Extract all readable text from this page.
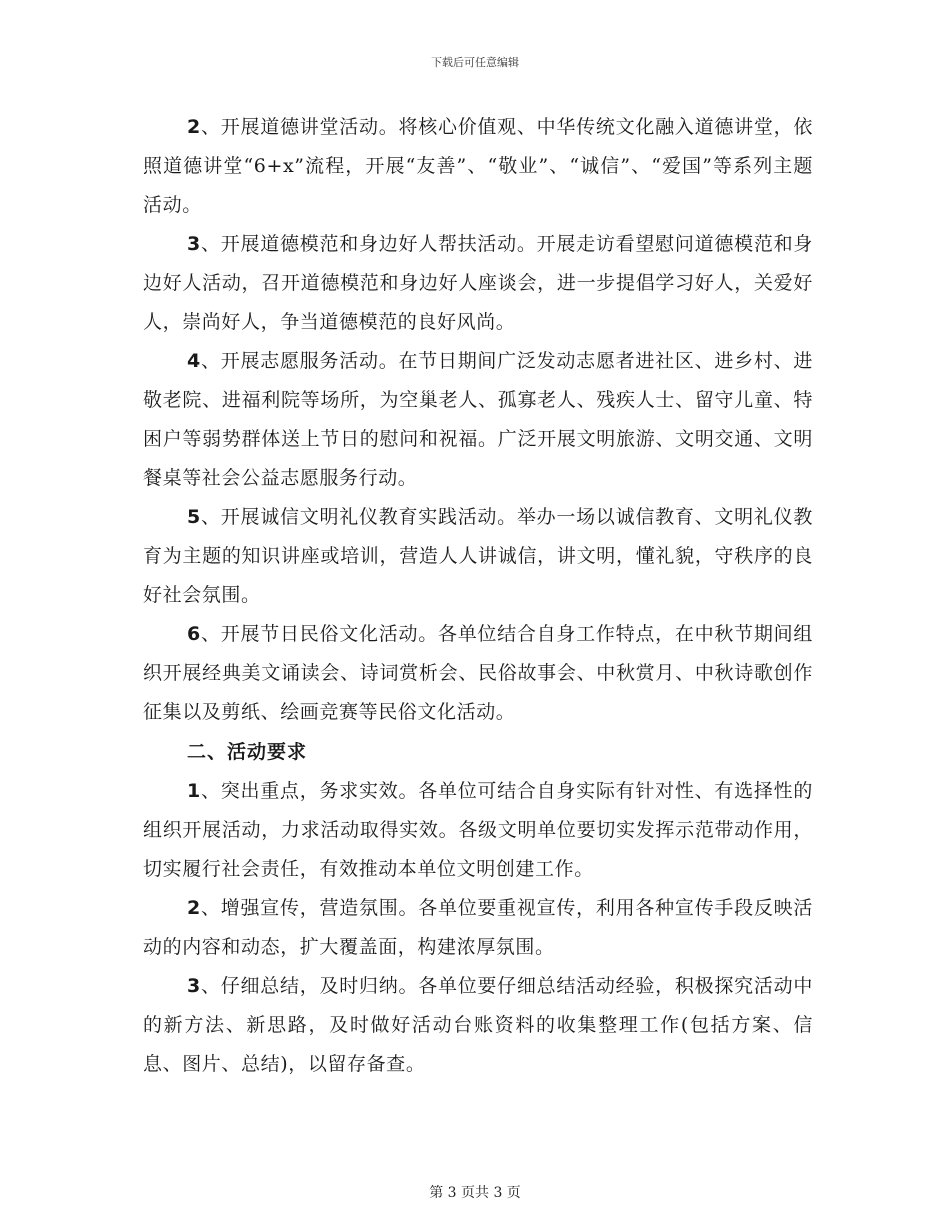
下载后可任意编辑

2、开展道德讲堂活动。将核心价值观、中华传统文化融入道德讲堂，依照道德讲堂“6+x”流程，开展“友善”、“敬业”、“诚信”、“爱国”等系列主题活动。

3、开展道德模范和身边好人帮扶活动。开展走访看望慰问道德模范和身边好人活动，召开道德模范和身边好人座谈会，进一步提倡学习好人，关爱好人，崇尚好人，争当道德模范的良好风尚。

4、开展志愿服务活动。在节日期间广泛发动志愿者进社区、进乡村、进敬老院、进福利院等场所，为空巢老人、孤寡老人、残疾人士、留守儿童、特困户等弱势群体送上节日的慰问和祝福。广泛开展文明旅游、文明交通、文明餐桌等社会公益志愿服务行动。

5、开展诚信文明礼仪教育实践活动。举办一场以诚信教育、文明礼仪教育为主题的知识讲座或培训，营造人人讲诚信，讲文明，懂礼貌，守秩序的良好社会氛围。

6、开展节日民俗文化活动。各单位结合自身工作特点，在中秋节期间组织开展经典美文诵读会、诗词赏析会、民俗故事会、中秋赏月、中秋诗歌创作征集以及剪纸、绘画竞赛等民俗文化活动。

二、活动要求

1、突出重点，务求实效。各单位可结合自身实际有针对性、有选择性的组织开展活动，力求活动取得实效。各级文明单位要切实发挥示范带动作用，切实履行社会责任，有效推动本单位文明创建工作。

2、增强宣传，营造氛围。各单位要重视宣传，利用各种宣传手段反映活动的内容和动态，扩大覆盖面，构建浓厚氛围。

3、仔细总结，及时归纳。各单位要仔细总结活动经验，积极探究活动中的新方法、新思路，及时做好活动台账资料的收集整理工作(包括方案、信息、图片、总结)，以留存备查。

第 3 页共 3 页
